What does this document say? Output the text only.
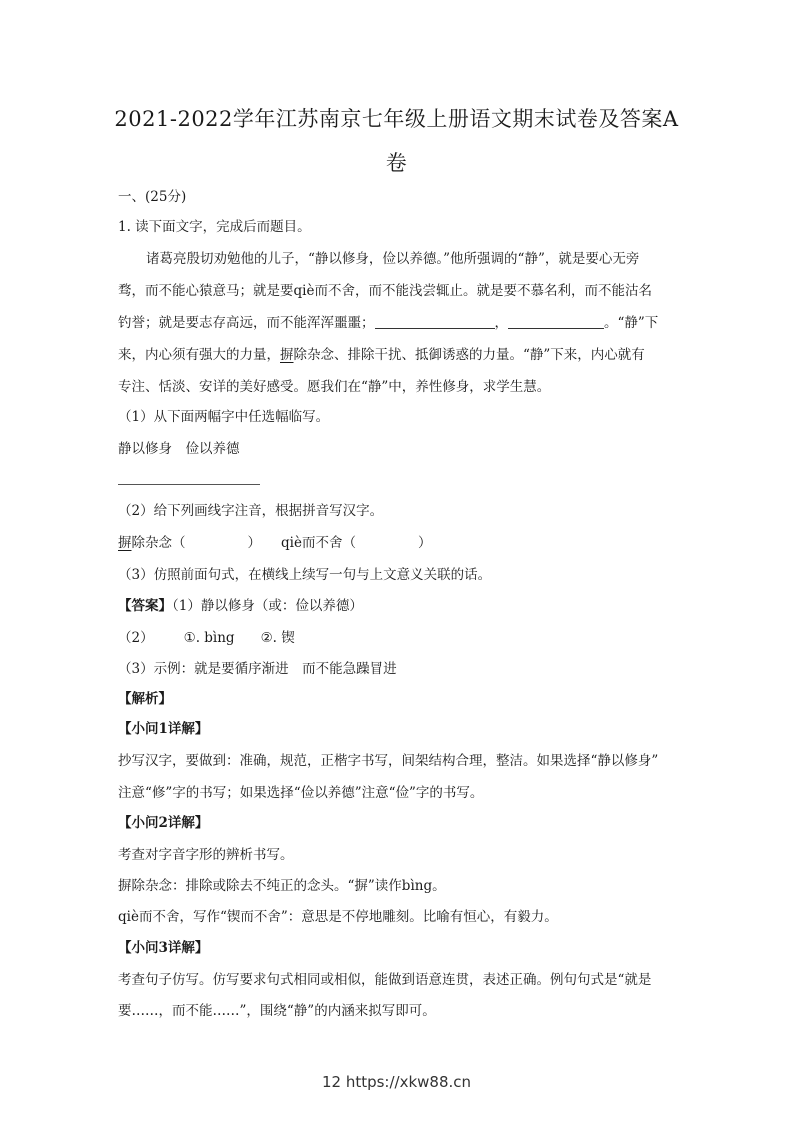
2021-2022学年江苏南京七年级上册语文期末试卷及答案A
卷
一、(25分)
1. 读下面文字，完成后而题目。
诸葛亮殷切劝勉他的儿子，“静以修身，俭以养德。”他所强调的“静”，就是要心无旁
骛，而不能心猿意马；就是要qiè而不舍，而不能浅尝辄止。就是要不慕名利，而不能沽名
钓誉；就是要志存高远，而不能浑浑噩噩；	，	。“静”下
来，内心须有强大的力量，摒除杂念、排除干扰、抵御诱惑的力量。“静”下来，内心就有
专注、恬淡、安详的美好感受。愿我们在“静”中，养性修身，求学生慧。
（1）从下面两幅字中任选幅临写。
静以修身　俭以养德
（2）给下列画线字注音，根据拼音写汉字。
摒除杂念（	） qiè而不舍（	）
（3）仿照前面句式，在横线上续写一句与上文意义关联的话。
【答案】（1）静以修身（或：俭以养德）
（2） ①. bìng ②. 锲
（3）示例：就是要循序渐进　而不能急躁冒进
【解析】
【小问1详解】
抄写汉字，要做到：准确，规范，正楷字书写，间架结构合理，整洁。如果选择“静以修身”
注意“修”字的书写；如果选择“俭以养德”注意“俭”字的书写。
【小问2详解】
考查对字音字形的辨析书写。
摒除杂念：排除或除去不纯正的念头。“摒”读作bìng。
qiè而不舍，写作“锲而不舍”：意思是不停地雕刻。比喻有恒心，有毅力。
【小问3详解】
考查句子仿写。仿写要求句式相同或相似，能做到语意连贯，表述正确。例句句式是“就是
要……，而不能……”，围绕“静”的内涵来拟写即可。
12 https://xkw88.cn
